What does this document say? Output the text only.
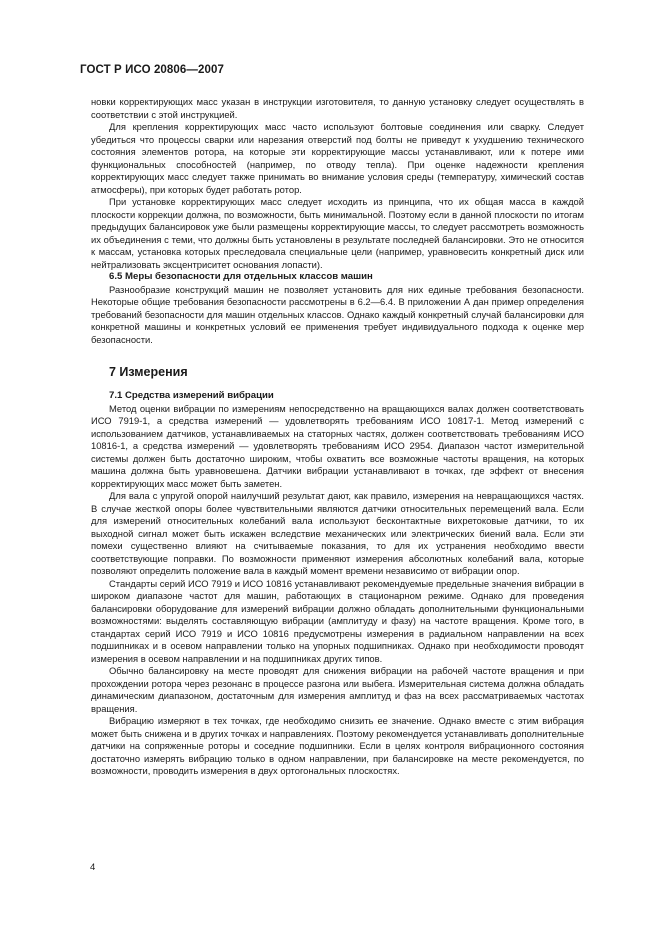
ГОСТ Р ИСО 20806—2007

новки корректирующих масс указан в инструкции изготовителя, то данную установку следует осуществлять в соответствии с этой инструкцией.

Для крепления корректирующих масс часто используют болтовые соединения или сварку. Следует убедиться что процессы сварки или нарезания отверстий под болты не приведут к ухудшению технического состояния элементов ротора, на которые эти корректирующие массы устанавливают, или к потере ими функциональных способностей (например, по отводу тепла). При оценке надежности крепления корректирующих масс следует также принимать во внимание условия среды (температуру, химический состав атмосферы), при которых будет работать ротор.

При установке корректирующих масс следует исходить из принципа, что их общая масса в каждой плоскости коррекции должна, по возможности, быть минимальной. Поэтому если в данной плоскости по итогам предыдущих балансировок уже были размещены корректирующие массы, то следует рассмотреть возможность их объединения с теми, что должны быть установлены в результате последней балансировки. Это не относится к массам, установка которых преследовала специальные цели (например, уравновесить конкретный диск или нейтрализовать эксцентриситет основания лопасти).

6.5 Меры безопасности для отдельных классов машин

Разнообразие конструкций машин не позволяет установить для них единые требования безопасности. Некоторые общие требования безопасности рассмотрены в 6.2—6.4. В приложении А дан пример определения требований безопасности для машин отдельных классов. Однако каждый конкретный случай балансировки для конкретной машины и конкретных условий ее применения требует индивидуального подхода к оценке мер безопасности.

7 Измерения
7.1 Средства измерений вибрации

Метод оценки вибрации по измерениям непосредственно на вращающихся валах должен соответствовать ИСО 7919-1, а средства измерений — удовлетворять требованиям ИСО 10817-1. Метод измерений с использованием датчиков, устанавливаемых на статорных частях, должен соответствовать требованиям ИСО 10816-1, а средства измерений — удовлетворять требованиям ИСО 2954. Диапазон частот измерительной системы должен быть достаточно широким, чтобы охватить все возможные частоты вращения, на которых машина должна быть уравновешена. Датчики вибрации устанавливают в точках, где эффект от внесения корректирующих масс может быть заметен.

Для вала с упругой опорой наилучший результат дают, как правило, измерения на невращающихся частях. В случае жесткой опоры более чувствительными являются датчики относительных перемещений вала. Если для измерений относительных колебаний вала используют бесконтактные вихретоковые датчики, то их выходной сигнал может быть искажен вследствие механических или электрических биений вала. Если эти помехи существенно влияют на считываемые показания, то для их устранения необходимо ввести соответствующие поправки. По возможности применяют измерения абсолютных колебаний вала, которые позволяют определить положение вала в каждый момент времени независимо от вибрации опор.

Стандарты серий ИСО 7919 и ИСО 10816 устанавливают рекомендуемые предельные значения вибрации в широком диапазоне частот для машин, работающих в стационарном режиме. Однако для проведения балансировки оборудование для измерений вибрации должно обладать дополнительными функциональными возможностями: выделять составляющую вибрации (амплитуду и фазу) на частоте вращения. Кроме того, в стандартах серий ИСО 7919 и ИСО 10816 предусмотрены измерения в радиальном направлении на всех подшипниках и в осевом направлении только на упорных подшипниках. Однако при необходимости проводят измерения в осевом направлении и на подшипниках других типов.

Обычно балансировку на месте проводят для снижения вибрации на рабочей частоте вращения и при прохождении ротора через резонанс в процессе разгона или выбега. Измерительная система должна обладать динамическим диапазоном, достаточным для измерения амплитуд и фаз на всех рассматриваемых частотах вращения.

Вибрацию измеряют в тех точках, где необходимо снизить ее значение. Однако вместе с этим вибрация может быть снижена и в других точках и направлениях. Поэтому рекомендуется устанавливать дополнительные датчики на сопряженные роторы и соседние подшипники. Если в целях контроля вибрационного состояния достаточно измерять вибрацию только в одном направлении, при балансировке на месте рекомендуется, по возможности, проводить измерения в двух ортогональных плоскостях.

4
